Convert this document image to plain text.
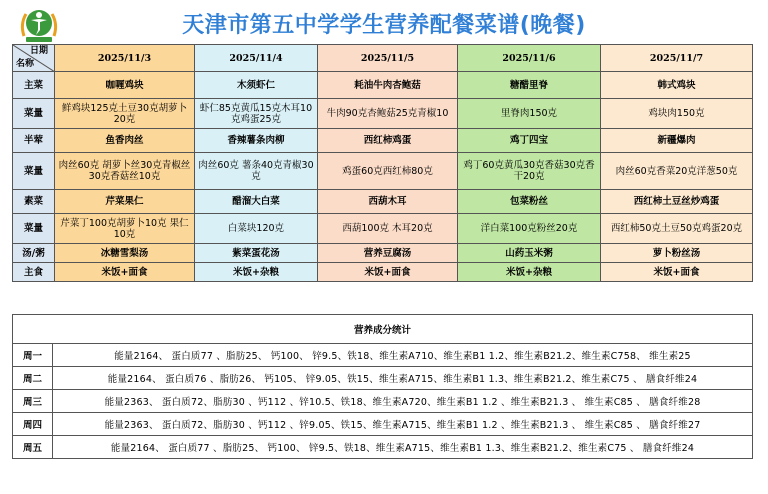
天津市第五中学学生营养配餐菜谱(晚餐)
日期
名称	2025/11/3	2025/11/4	2025/11/5	2025/11/6	2025/11/7
主菜	咖喱鸡块	木须虾仁	耗油牛肉杏鲍菇	糖醋里脊	韩式鸡块
菜量	鲜鸡块125克土豆30克胡萝卜20克	虾仁85克黄瓜15克木耳10克鸡蛋25克	牛肉90克杏鲍菇25克青椒10	里脊肉150克	鸡块肉150克
半荤	鱼香肉丝	香辣薯条肉柳	西红柿鸡蛋	鸡丁四宝	新疆爆肉
菜量	肉丝60克 胡萝卜丝30克青椒丝30克香菇丝10克	肉丝60克 薯条40克青椒30克	鸡蛋60克西红柿80克	鸡丁60克黄瓜30克香菇30克香干20克	肉丝60克香菜20克洋葱50克
素菜	芹菜果仁	醋溜大白菜	西葫木耳	包菜粉丝	西红柿土豆丝炒鸡蛋
菜量	芹菜丁100克胡萝卜10克 果仁10克	白菜块120克	西葫100克 木耳20克	洋白菜100克粉丝20克	西红柿50克土豆50克鸡蛋20克
汤/粥	冰糖雪梨汤	紫菜蛋花汤	营养豆腐汤	山药玉米粥	萝卜粉丝汤
主食	米饭+面食	米饭+杂粮	米饭+面食	米饭+杂粮	米饭+面食
营养成分统计	
周一	能量2164、 蛋白质77 、脂肪25、 钙100、 锌9.5、铁18、维生素A710、维生素B1 1.2、维生素B21.2、维生素C758、 维生素25
周二	能量2164、 蛋白质76 、脂肪26、 钙105、 锌9.05、铁15、维生素A715、维生素B1 1.3、维生素B21.2、维生素C75 、 膳食纤维24
周三	能量2363、 蛋白质72、脂肪30 、钙112 、锌10.5、铁18、维生素A720、维生素B1 1.2 、维生素B21.3 、 维生素C85 、 膳食纤维28
周四	能量2363、 蛋白质72、脂肪30 、钙112 、锌9.05、铁15、维生素A715、维生素B1 1.2 、维生素B21.3 、 维生素C85 、 膳食纤维27
周五	能量2164、 蛋白质77 、脂肪25、 钙100、 锌9.5、铁18、维生素A715、维生素B1 1.3、维生素B21.2、维生素C75 、 膳食纤维24
